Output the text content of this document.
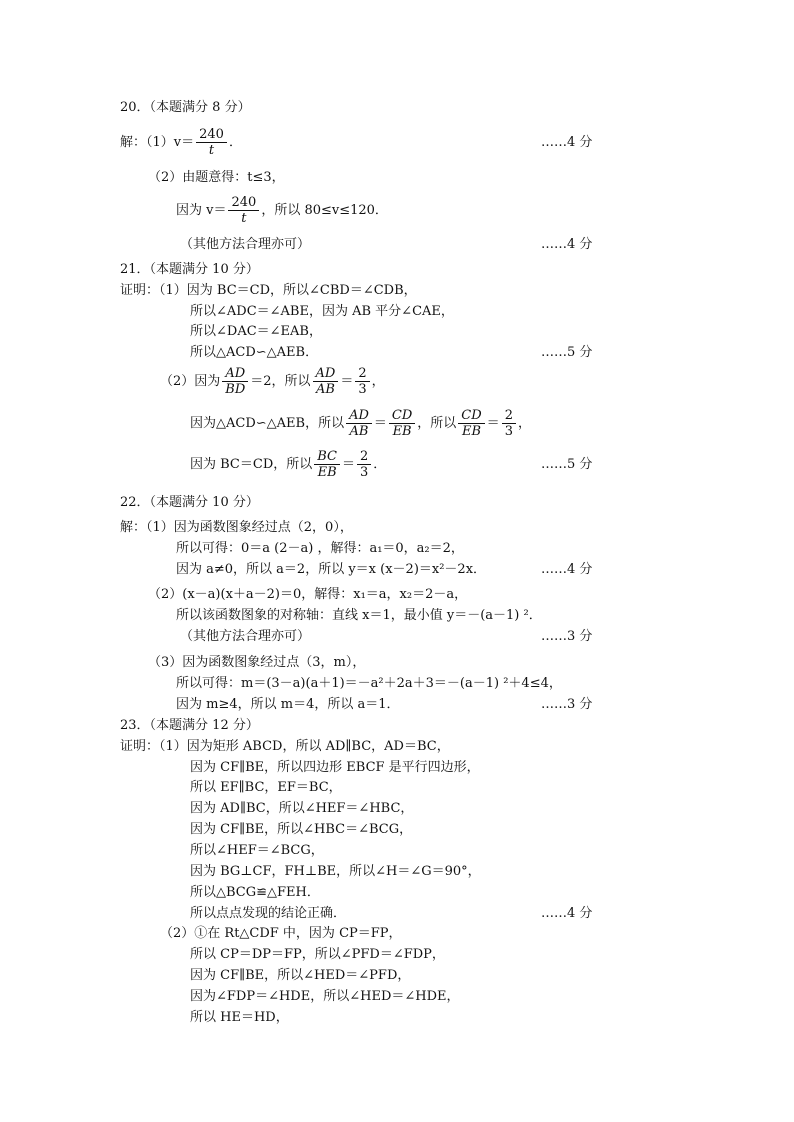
20．（本题满分 8 分）
解：$(1)v= \frac{240}{t}$ ．	……4 分
（2）由题意得：t≤3，
因为 $v= \frac{240}{t}$ ，所以 80≤v≤120．
（其他方法合理亦可）	……4 分
21．（本题满分 10 分）
证明：（1）因为 BC＝CD，所以∠CBD＝∠CDB，
所以∠ADC＝∠ABE，因为 AB 平分∠CAE，
所以∠DAC＝∠EAB，
所以△ACD∽△AEB．	……5 分
（2）因为 $\frac{AD}{BD} =2$，所以 $\frac{AD}{AB} = \frac{2}{3}$ ，
因为△ACD∽△AEB，所以 $\frac{AD}{AB} = \frac{CD}{EB}$ ，所以 $\frac{CD}{EB} = \frac{2}{3}$ ，
因为 BC＝CD，所以 $\frac{BC}{EB} = \frac{2}{3}$ ．	……5 分
22．（本题满分 10 分）
解：（1）因为函数图象经过点（2，0），
所以可得：0＝a (2－a) ，解得：a₁＝0，a₂＝2，
因为 a≠0，所以 a＝2，所以 y＝x (x－2)＝x²－2x．	……4 分
（2）(x－a)(x＋a－2)＝0，解得：x₁＝a，x₂＝2－a，
所以该函数图象的对称轴：直线 x＝1，最小值 y＝－(a－1) ²．
（其他方法合理亦可）	……3 分
（3）因为函数图象经过点（3，m），
所以可得：m＝(3－a)(a＋1)＝－a²＋2a＋3＝－(a－1) ²＋4≤4，
因为 m≥4，所以 m＝4，所以 a＝1．	……3 分
23．（本题满分 12 分）
证明：（1）因为矩形 ABCD，所以 AD∥BC，AD＝BC，
因为 CF∥BE，所以四边形 EBCF 是平行四边形，
所以 EF∥BC，EF＝BC，
因为 AD∥BC，所以∠HEF＝∠HBC，
因为 CF∥BE，所以∠HBC＝∠BCG，
所以∠HEF＝∠BCG，
因为 BG⊥CF，FH⊥BE，所以∠H＝∠G＝90°，
所以△BCG≌△FEH．
所以点点发现的结论正确．	……4 分
（2）①在 Rt△CDF 中，因为 CP＝FP，
所以 CP＝DP＝FP，所以∠PFD＝∠FDP，
因为 CF∥BE，所以∠HED＝∠PFD，
因为∠FDP＝∠HDE，所以∠HED＝∠HDE，
所以 HE＝HD，
